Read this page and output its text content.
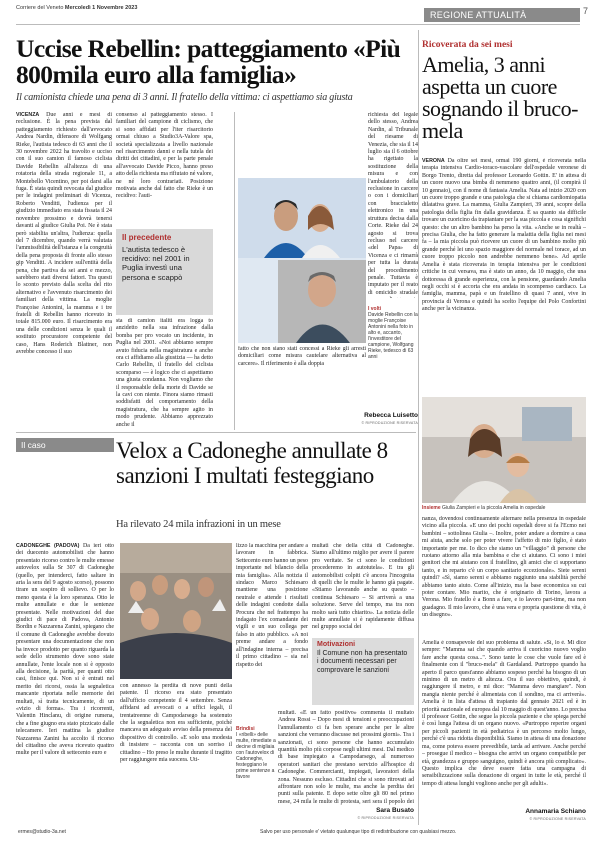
Corriere del Veneto Mercoledì 1 Novembre 2023
REGIONE ATTUALITÀ	7
Uccise Rebellin: patteggiamento «Più 800mila euro alla famiglia»
Il camionista chiede una pena di 3 anni. Il fratello della vittima: ci aspettiamo sia giusta
VICENZA Due anni e mesi di reclusione. È la pena prevista dal patteggiamento richiesto dall'avvocato Andrea Nardin, difensore di Wolfgang Rieke, l'autista tedesco di 63 anni che il 30 novembre 2022 ha travolto e ucciso con il suo camion il famoso ciclista Davide Rebellin all'altezza di una rotatoria della strada regionale 11, a Montebello Vicentino, per poi darsi alla fuga. È stata quindi revocata dal giudice per le indagini preliminari di Vicenza, Roberto Venditti, l'udienza per il giudizio immediato era stata fissata il 24 novembre prossimo e dovrà tenersi davanti al giudice Giulia Poi. Ne è stata però stabilita un'altra, l'udienza: quella del 7 dicembre, quando verrà valutata l'ammissibilità dell'istanza e la congruità della pena proposta di fronte allo stesso gip Venditti. A incidere sull'entità della pena, che partiva da sei anni e mezzo, sarebbero stati diversi fattori. Tra questi lo sconto previsto dalla scelta del rito alternativo e l'avvenuto risarcimento dei familiari della vittima. La moglie Françoise Antonini, la mamma e i tre fratelli di Rebellin hanno ricevuto in totale 815.000 euro. Il risarcimento era una delle condizioni senza le quali il sostituto procuratore competente del caso, Hans Roderich Blattner, non avrebbe concesso il suo
consenso al patteggiamento stesso. I familiari del campione di ciclismo, che si sono affidati per l'iter risarcitorio ormai chiuso a Studio3A-Valore spa, società specializzata a livello nazionale nel risarcimento danni e nella tutela dei diritti dei cittadini, e per la parte penale all'avvocato Davide Picco, hanno preso atto della richiesta ma rifiutato né valore, ne né loro contrariati. Posizione motivata anche dal fatto che Rieke è un recidivo: l'auti-
Il precedente
L'autista tedesco è recidivo: nel 2001 in Puglia investì una persona e scappò
sta di camion italiti era logga to anzidetto nella sua infrazione dalla bomba per pro vocato un incidente, in Puglia nel 2001. «Noi abbiamo sempre avuto fiducia nella magistratura e anche ora ci affidiamo alla giustizia — ha detto Carlo Rebellin, il fratello del ciclista scomparso — è logico che ci aspettiamo una giusta condanna. Non vogliamo che il responsabile della morte di Davide se la cavi con niente. Finora siamo rimasti soddisfatti del comportamento della magistratura, che ha sempre agito in modo prudente. Abbiamo apprezzato anche il
fatto che non siano stati concessi a Rieke gli arresti domiciliari come misura cautelare alternativa al carcere». Il riferimento è alla doppia
I volti
Davide Rebellin con la moglie Françoise Antonini nella foto in alto e, accanto, l'investitore del campione, Wolfgang Rieke, tedesco di 63 anni
richiesta del legale dello stesso, Andrea Nardin, al Tribunale del riesame di Venezia, che sia il 14 luglio sia il 6 ottobre ha rigettato la sostituzione della misura e con l'ambulatorio della reclusione in carcere o con i domiciliari con braccialetto elettronico in una struttura decisa dalla Corte. Rieke dal 24 agosto si trova recluso nel carcere «del Papa» di Vicenza e ci rimarrà per tutta la durata del procedimento penale. Tuttavia è imputato per il reato di omicidio stradale
Rebecca Luisetto
© RIPRODUZIONE RISERVATA
Ricoverata da sei mesi
Amelia, 3 anni aspetta un cuore sognando il bruco-mela
VERONA Da oltre sei mesi, ormai 190 giorni, è ricoverata nella terapia intensiva Cardio-toraco-vascolare dell'ospedale veronese di Borgo Trento, diretta dal professor Leonardo Gottin. E' in attesa di un cuore nuovo una bimba di nemmeno quattro anni, (il compirà il 10 gennaio), con il nome di fantasia Amelia. Nata ad inizio 2020 con un cuore troppo grande e una patologia che si chiama cardiomiopatia dilatativa grave. La mamma, Giulia Zampieri, 39 anni, scopre della patologia della figlia fin dalla gravidanza. È sa quanto sia difficile trovare un cuoricino da trapiantare per la sua piccola e cosa significhi questo: che un altro bambino ha perso la vita. «Anche se in realtà – precisa Giulia, che ha fatto generare la malattia della figlia nei mesi fa – la mia piccola può ricevere un cuore di un bambino molto più grande perché lei uno spazio maggiore del normale nel torace, ad un cuore troppo piccolo non andrebbe nemmeno bene». Ad aprile Amelia è stata ricoverata in terapia intensiva per le condizioni critiche in cui versava, ma è stato un anno, da 10 maggio, che una dottoressa di grande esperienza, con la pensione, guardando Amelia negli occhi si è accorta che era andata in scompenso cardiaco. La famiglia, mamma, papà e un fratellino di quasi 7 anni, vive in provincia di Verona e quindi ha scelto l'equipe del Polo Confortini anche per la vicinanza.
Insieme Giulia Zampieri e la piccola Amelia in ospedale
nanza, dovendosi continuamente alternare nella presenza in ospedale vicino alla piccola. «E uno dei pochi ospedali dove si fa l'Ecmo nei bambini – sottolinea Giulia –. Inoltre, poter andare a dormire a casa mi aiuta, anche solo per poter vivere l'affetto di mio figlio, è stato importante per me. Io dico che siamo un "villaggio" di persone che ruotano attorno alla mia bambina e che ci aiutano. Ci sono i miei genitori che mi aiutano con il fratellino, gli amici che ci supportano tanto, e in reparto c'è un corpo sanitario eccezionale». Siete sereni quindi? «Sì, siamo sereni e abbiamo raggiunto una stabilità perché abbiamo tanto aiuto. Come all'inizio, ma la base economica su cui poter contare. Mio marito, che è originario di Torino, lavora a Verona. Mio fratello è a Bonn a fare, e io lavoro part-time, ma non guadagno. Il mio lavoro, che è una vera e propria questione di vita, è un disegno».
Amelia è consapevole del suo problema di salute. «Sì, lo è. Mi dice sempre: "Mamma sai che quando arriva il cuoricino nuovo voglio fare anche questa cosa...". Sono tante le cose che vuole fare ed è finalmente con il "bruco-mela" di Gardaland. Purtroppo quando ha aperto il parco quest'anno abbiamo sospeso perché ha bisogno di un minimo di un metro di altezza. Ora il suo obiettivo, quindi, è raggiungere il metro, e mi dice: "Mamma devo mangiare". Non mangia niente perché è alimentata con il sondino, ma ci arriverà». Amelia è in lista d'attesa di trapianto dal gennaio 2021 ed è in priorità nazionale ed europea dal 10 maggio di quest'anno. Lo precisa il professor Gottin, che segue la piccola paziente e che spiega perché è così lunga l'attesa di un organo nuovo. «Purtroppo reperire organi per piccoli pazienti in età pediatrica è un percorso molto lungo, perché c'è una ridotta disponibilità. Siamo in attesa di una donazione ma, come poteva essere prevedibile, tarda ad arrivare. Anche perché – prosegue il medico – bisogna che arrivi un organo compatibile per età, grandezza e gruppo sanguigno, quindi è ancora più complicato». Questo implica che deve essere fatta una campagna di sensibilizzazione sulla donazione di organi in tutte le età, perché il tempo di attesa lunghi vogliono anche per gli adulti».
Annamaria Schiano
© RIPRODUZIONE RISERVATA
Il caso	Velox a Cadoneghe annullate 8 sanzioni I multati festeggiano
Ha rilevato 24 mila infrazioni in un mese
CADONEGHE (PADOVA) Da ieri otto dei duecento automobilisti che hanno presentato ricorso contro le multe emesse autovelox sulla Sr 307 di Cadoneghe (quello, per intenderci, fatto saltare in aria la sera del 9 agosto scorso), possono tirare un sospiro di sollievo. O per lo meno questa è la loro speranza. Otto le multe annullate e due le sentenze presentate. Nelle motivazioni del due giudici di pace di Padova, Antonio Bordin e Nazzarena Zanini, spiegano che il comune di Cadoneghe avrebbe dovuto presentare una documentazione che non ha invece prodotto per quanto riguarda la sede dello strumento dove sono state annullate, l'ente locale non si è opposto alla decisione, la parità, per quanti otto casi, finisce qui. Non si è entrati nel merito dei ricorsi, ossia la segnaletica mancante riportata nelle memorie dei multati, sì tratta tecnicamente, di un «vizio di forma». Tra i ricorrenti, Valentin Hinclanu, di origine rumena, che a fine giugno era stato pizzicato dalle telecamere. Ieri mattina la giudice Nazzarena Zanini ha accolto il ricorso del cittadino che aveva ricevuto quattro multe per il valore di settecento euro e
con annesso la perdita di nove punti della patente. Il ricorso era stato presentato dall'ufficio competente il 4 settembre. Senza affidarsi ad avvocati o a uffici legali, il trentatreenne di Campodarsego ha sostenuto che la segnaletica non era sufficiente, poiché mancava un adeguato avviso della presenza del dispositivo di controllo. «E solo una modesta di insistere – racconta con un sorriso il cittadino – Ho preso le multe durante il tragitto per raggiungere mia suocera. Uti-
lizzo la macchina per andare a lavorare in fabbrica. Settecento euro hanno un peso importante nel bilancio della mia famiglia». Alla notizia il sindaco Marco Schiesaro mantiene una posizione neutrale e attende i risultati delle indagini condotte dalla Procura che nel frattempo ha indagato l'ex comandante dei vigili e un suo collega per falso in atto pubblico. «A noi preme andare a fondo all'indagine interna – precisa il primo cittadino – sia nel rispetto dei
Brindisi
I «ribelli» delle multe, rimediate a decine di migliaia con l'autovelox di Cadoneghe, festeggiano le prime sentenze a favore
multati che della città di Cadoneghe. Siamo all'ultimo miglio per avere il parere pro veritate. Se ci sono le condizioni procederemo in autotutela». E tra gli automobilisti colpiti c'è ancora l'incognita di quelli che le multe le hanno già pagate. «Stiamo lavorando anche su questo – continua Schiesaro – Si arriverà a una soluzione. Serve del tempo, ma tra non molto sarà tutto chiarito». La notizia delle multe annullate si è rapidamente diffusa nel gruppo social dei
Motivazioni
Il Comune non ha presentato i documenti necessari per comprovare le sanzioni
multati. «È un fatto positivo» commenta il multato Andrea Rossi – Dopo mesi di tensioni e preoccupazioni l'annullamento ci fa ben sperare anche per le altre sanzioni che verranno discusse nei prossimi giorni». Tra i sanzionati, ci sono persone che hanno accumulato quantità molto più corpose negli ultimi mesi. Dal medico di base impiegato a Campodarsego, al numeroso operatori sanitari che prestano servizio all'hospice di Cadoneghe. Commercianti, impiegati, lavoratori della zona. Nessuno escluso. Cittadini che si sono ritrovati ad affrontare non solo le multe, ma anche la perdita dei punti sulla patente. E dopo sette oltre gli 80 nel primo mese, 24 mila le multe di protesta, seri sera il popolo dei
Sara Busato
© RIPRODUZIONE RISERVATA
ermes@studio-3a.net	Salvo per uso personale e' vietato qualunque tipo di redistribuzione con qualsiasi mezzo.
